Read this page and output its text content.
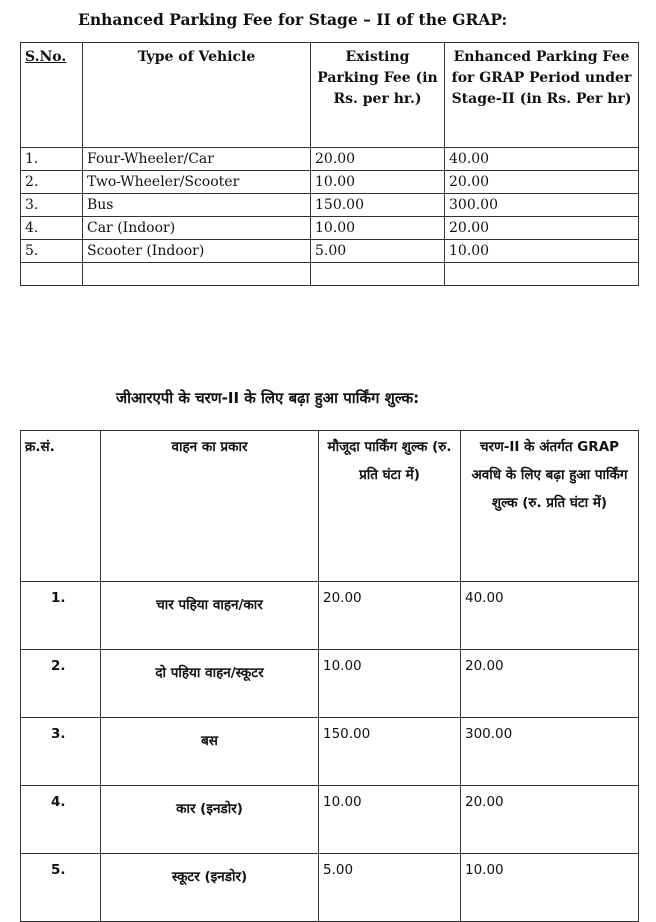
Enhanced Parking Fee for Stage – II of the GRAP:
S.No.	Type of Vehicle	Existing Parking Fee (in Rs. per hr.)	Enhanced Parking Fee for GRAP Period under Stage-II (in Rs. Per hr)
1.	Four-Wheeler/Car	20.00	40.00
2.	Two-Wheeler/Scooter	10.00	20.00
3.	Bus	150.00	300.00
4.	Car (Indoor)	10.00	20.00
5.	Scooter (Indoor)	5.00	10.00

जीआरएपी के चरण-II के लिए बढ़ा हुआ पार्किंग शुल्क:
क्र.सं.	वाहन का प्रकार	मौजूदा पार्किंग शुल्क (रु. प्रति घंटा में)	चरण-II के अंतर्गत GRAP अवधि के लिए बढ़ा हुआ पार्किंग शुल्क (रु. प्रति घंटा में)
1.	चार पहिया वाहन/कार	20.00	40.00
2.	दो पहिया वाहन/स्कूटर	10.00	20.00
3.	बस	150.00	300.00
4.	कार (इनडोर)	10.00	20.00
5.	स्कूटर (इनडोर)	5.00	10.00
